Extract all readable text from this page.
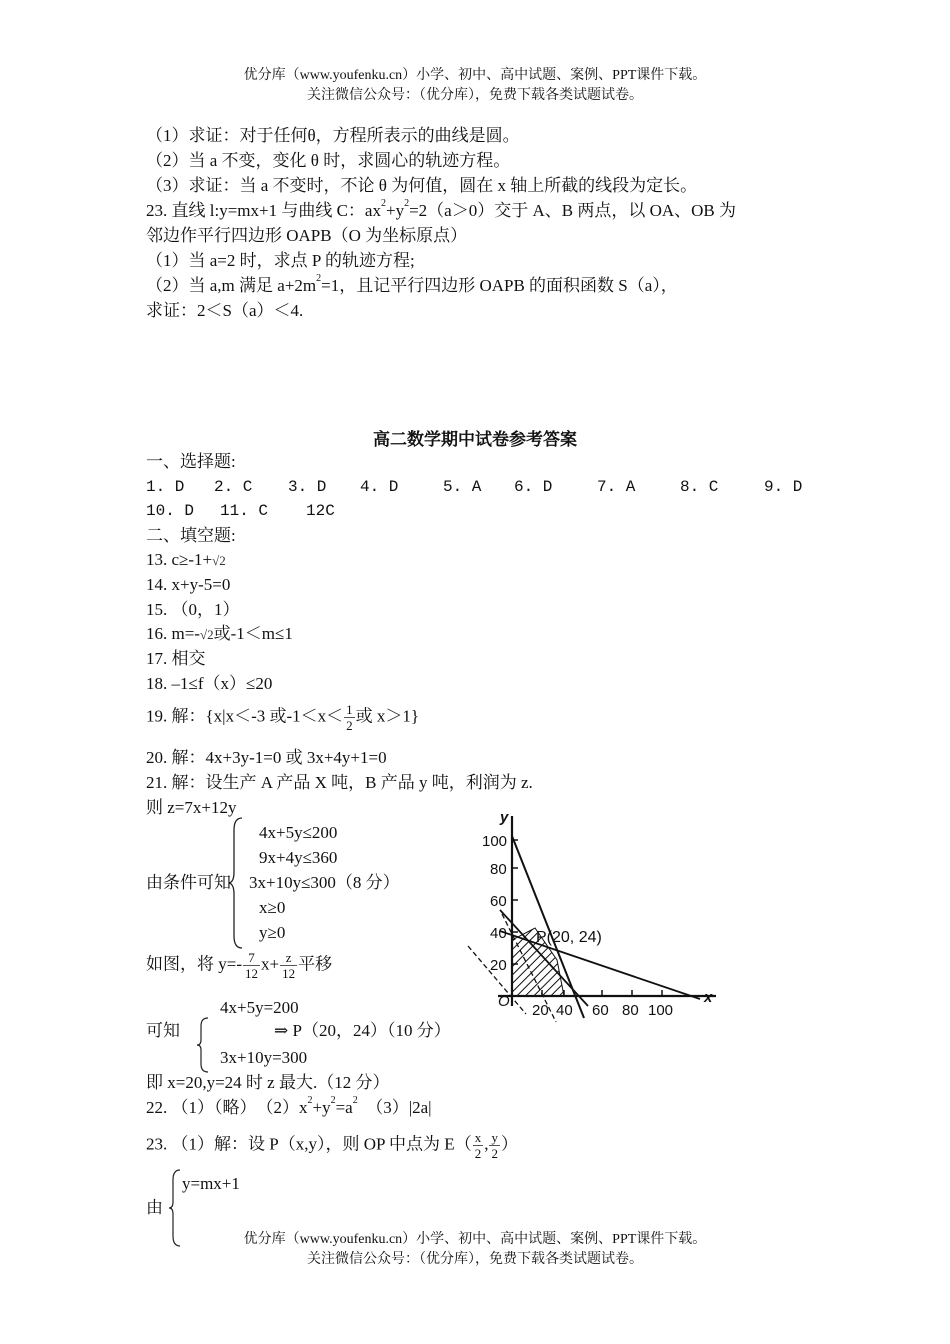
优分库（www.youfenku.cn）小学、初中、高中试题、案例、PPT课件下载。
关注微信公众号：（优分库），免费下载各类试题试卷。
（1）求证：对于任何θ，方程所表示的曲线是圆。
（2）当 a 不变，变化 θ 时，求圆心的轨迹方程。
（3）求证：当 a 不变时，不论 θ 为何值，圆在 x 轴上所截的线段为定长。
23. 直线 l:y=mx+1 与曲线 C：$ax^2+y^2=2(a>0)$交于 A、B 两点，以 OA、OB 为
邻边作平行四边形 OAPB（O 为坐标原点）
（1）当 a=2 时，求点 P 的轨迹方程;
（2）当 a,m 满足 $a+2m^2=1$，且记平行四边形 OAPB 的面积函数 S（a），
求证：2＜S（a）＜4.
高二数学期中试卷参考答案
一、选择题:
1. D 2. C 3. D 4. D	5. A 6. D	7. A	8. C	9. D
10. D 11. C 12C
二、填空题:
13. c≥-1+√2
14. x+y-5=0
15. （0，1）
16. m=-√2或-1＜m≤1
17. 相交
18. –1≤f（x）≤20
19. 解：{x|x＜-3 或$-1<x< \frac{1}{2}$ 或 x＞1}
20. 解：4x+3y-1=0 或 3x+4y+1=0
21. 解：设生产 A 产品 X 吨，B 产品 y 吨，利润为 z.
则 z=7x+12y
4x+5y≤200
9x+4y≤360
由条件可知 3x+10y≤300（8 分）
x≥0
y≥0
如图，将 $y=- \frac{7}{12} x+ \frac{z}{12}$ 平移
4x+5y=200
可知	⇒ P（20，24）（10 分）
3x+10y=300
即 x=20,y=24 时 z 最大.（12 分）
22. （1）（略）　$(2)x^2+y^2=a^2$　（3）|2a|
23. （1）解：设 P（x,y），则 OP 中点为 $E( \frac{x}{2}$ , $\frac{y}{2}$ ）
y=mx+1
由
y
x
O
100
80
60
40
20
20 40 60 80 100
P(20, 24)
优分库（www.youfenku.cn）小学、初中、高中试题、案例、PPT课件下载。
关注微信公众号：（优分库），免费下载各类试题试卷。
